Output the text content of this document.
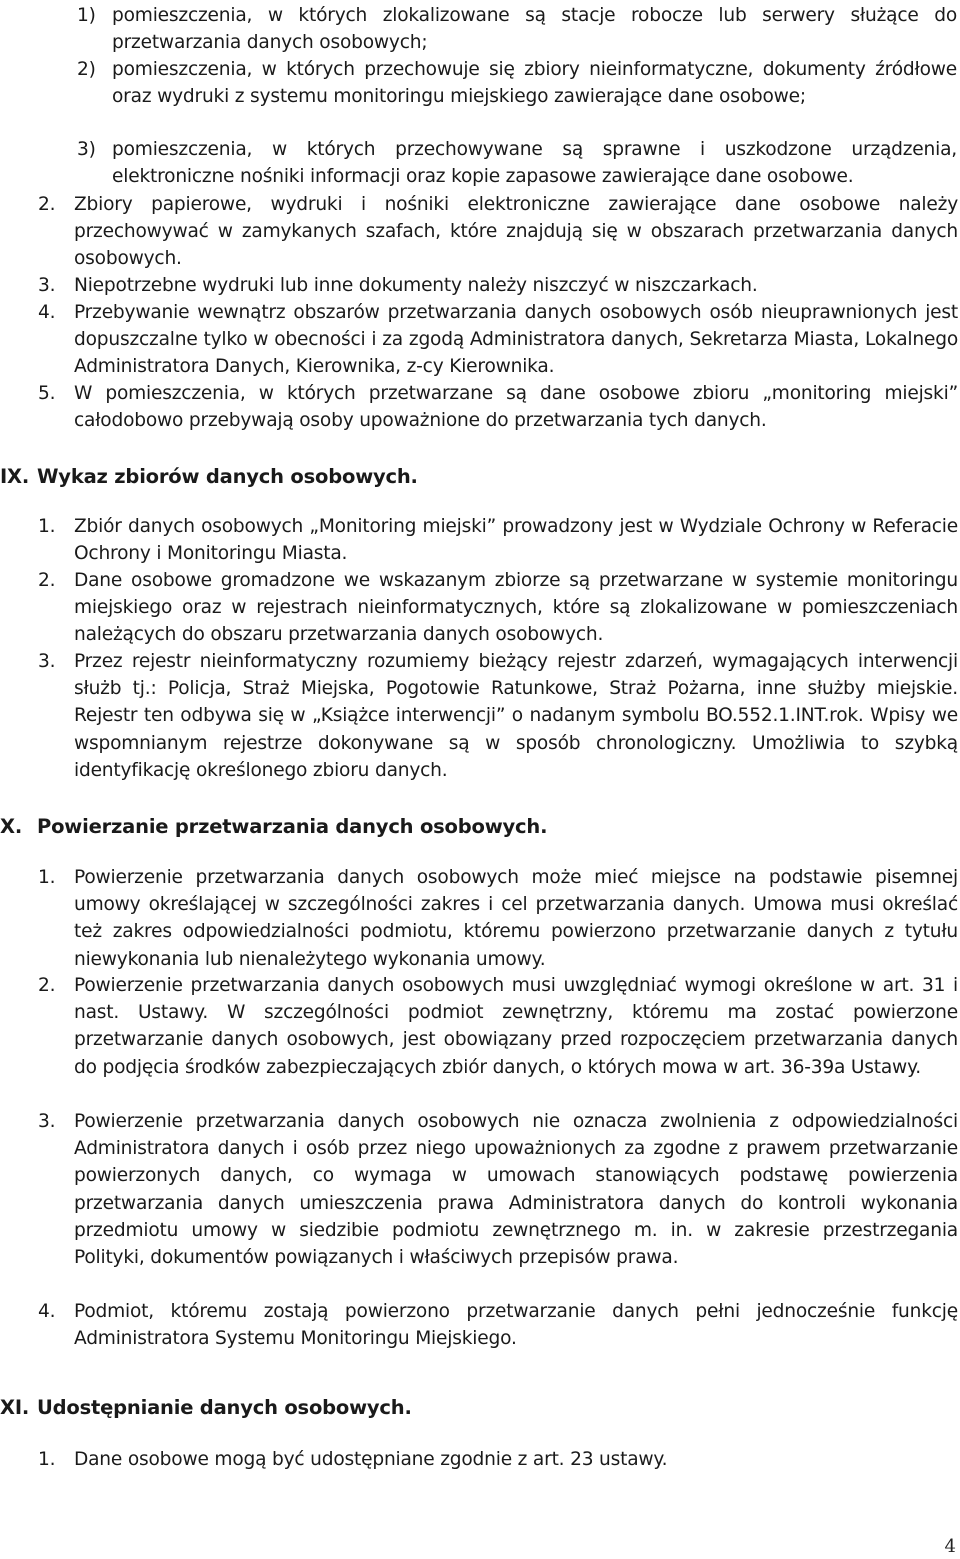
1) pomieszczenia, w których zlokalizowane są stacje robocze lub serwery służące do przetwarzania danych osobowych;
2) pomieszczenia, w których przechowuje się zbiory nieinformatyczne, dokumenty źródłowe oraz wydruki z systemu monitoringu miejskiego zawierające dane osobowe;
3) pomieszczenia, w których przechowywane są sprawne i uszkodzone urządzenia, elektroniczne nośniki informacji oraz kopie zapasowe zawierające dane osobowe.
2. Zbiory papierowe, wydruki i nośniki elektroniczne zawierające dane osobowe należy przechowywać w zamykanych szafach, które znajdują się w obszarach przetwarzania danych osobowych.
3. Niepotrzebne wydruki lub inne dokumenty należy niszczyć w niszczarkach.
4. Przebywanie wewnątrz obszarów przetwarzania danych osobowych osób nieuprawnionych jest dopuszczalne tylko w obecności i za zgodą Administratora danych, Sekretarza Miasta, Lokalnego Administratora Danych, Kierownika, z-cy Kierownika.
5. W pomieszczenia, w których przetwarzane są dane osobowe zbioru „monitoring miejski” całodobowo przebywają osoby upoważnione do przetwarzania tych danych.
IX. Wykaz zbiorów danych osobowych.
1. Zbiór danych osobowych „Monitoring miejski” prowadzony jest w Wydziale Ochrony w Referacie Ochrony i Monitoringu Miasta.
2. Dane osobowe gromadzone we wskazanym zbiorze są przetwarzane w systemie monitoringu miejskiego oraz w rejestrach nieinformatycznych, które są zlokalizowane w pomieszczeniach należących do obszaru przetwarzania danych osobowych.
3. Przez rejestr nieinformatyczny rozumiemy bieżący rejestr zdarzeń, wymagających interwencji służb tj.: Policja, Straż Miejska, Pogotowie Ratunkowe, Straż Pożarna, inne służby miejskie. Rejestr ten odbywa się w „Książce interwencji” o nadanym symbolu BO.552.1.INT.rok. Wpisy we wspomnianym rejestrze dokonywane są w sposób chronologiczny. Umożliwia to szybką identyfikację określonego zbioru danych.
X. Powierzanie przetwarzania danych osobowych.
1. Powierzenie przetwarzania danych osobowych może mieć miejsce na podstawie pisemnej umowy określającej w szczególności zakres i cel przetwarzania danych. Umowa musi określać też zakres odpowiedzialności podmiotu, któremu powierzono przetwarzanie danych z tytułu niewykonania lub nienależytego wykonania umowy.
2. Powierzenie przetwarzania danych osobowych musi uwzględniać wymogi określone w art. 31 i nast. Ustawy. W szczególności podmiot zewnętrzny, któremu ma zostać powierzone przetwarzanie danych osobowych, jest obowiązany przed rozpoczęciem przetwarzania danych do podjęcia środków zabezpieczających zbiór danych, o których mowa w art. 36-39a Ustawy.
3. Powierzenie przetwarzania danych osobowych nie oznacza zwolnienia z odpowiedzialności Administratora danych i osób przez niego upoważnionych za zgodne z prawem przetwarzanie powierzonych danych, co wymaga w umowach stanowiących podstawę powierzenia przetwarzania danych umieszczenia prawa Administratora danych do kontroli wykonania przedmiotu umowy w siedzibie podmiotu zewnętrznego m. in. w zakresie przestrzegania Polityki, dokumentów powiązanych i właściwych przepisów prawa.
4. Podmiot, któremu zostają powierzono przetwarzanie danych pełni jednocześnie funkcję Administratora Systemu Monitoringu Miejskiego.
XI. Udostępnianie danych osobowych.
1. Dane osobowe mogą być udostępniane zgodnie z art. 23 ustawy.
4
